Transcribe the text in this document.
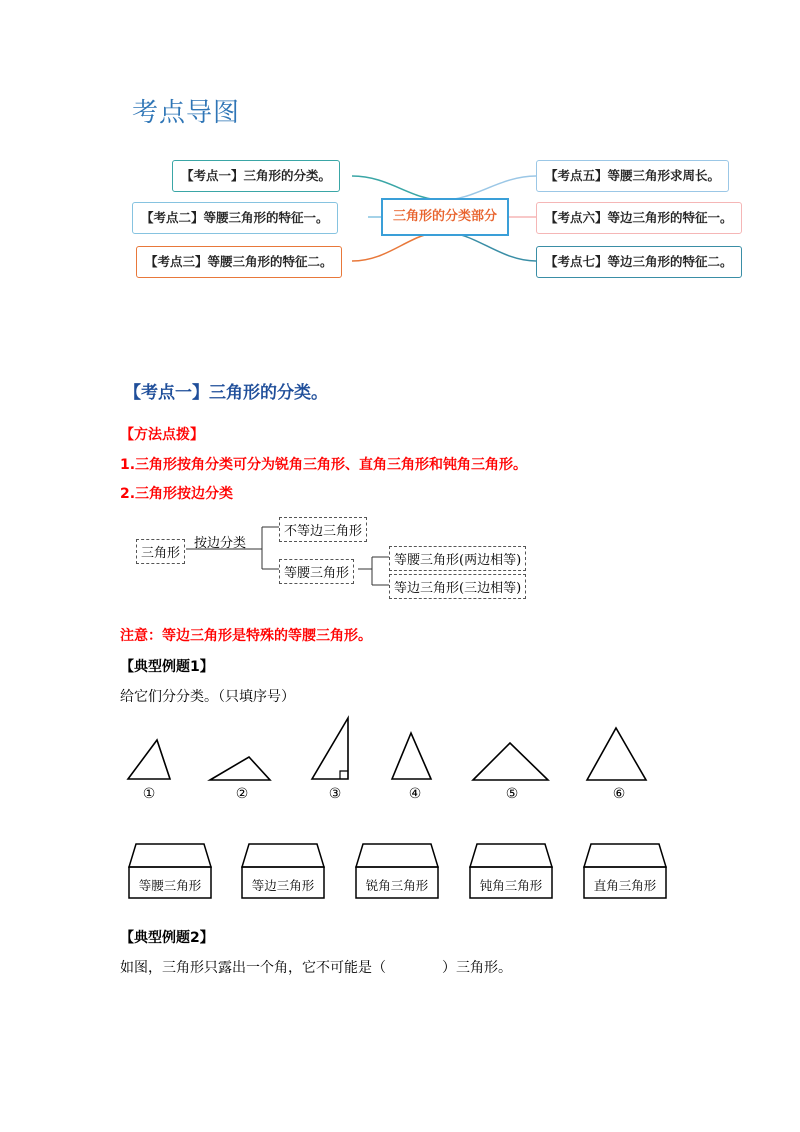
考点导图
三角形的分类部分
【考点一】三角形的分类。
【考点二】等腰三角形的特征一。
【考点三】等腰三角形的特征二。
【考点五】等腰三角形求周长。
【考点六】等边三角形的特征一。
【考点七】等边三角形的特征二。
【考点一】三角形的分类。
【方法点拨】
1.三角形按角分类可分为锐角三角形、直角三角形和钝角三角形。
2.三角形按边分类
三角形
按边分类
不等边三角形
等腰三角形
等腰三角形(两边相等)
等边三角形(三边相等)
注意：等边三角形是特殊的等腰三角形。
【典型例题1】
给它们分分类。（只填序号）
①	②	③	④	⑤	⑥
等腰三角形	等边三角形	锐角三角形	钝角三角形	直角三角形
【典型例题2】
如图，三角形只露出一个角，它不可能是（　　　　）三角形。
